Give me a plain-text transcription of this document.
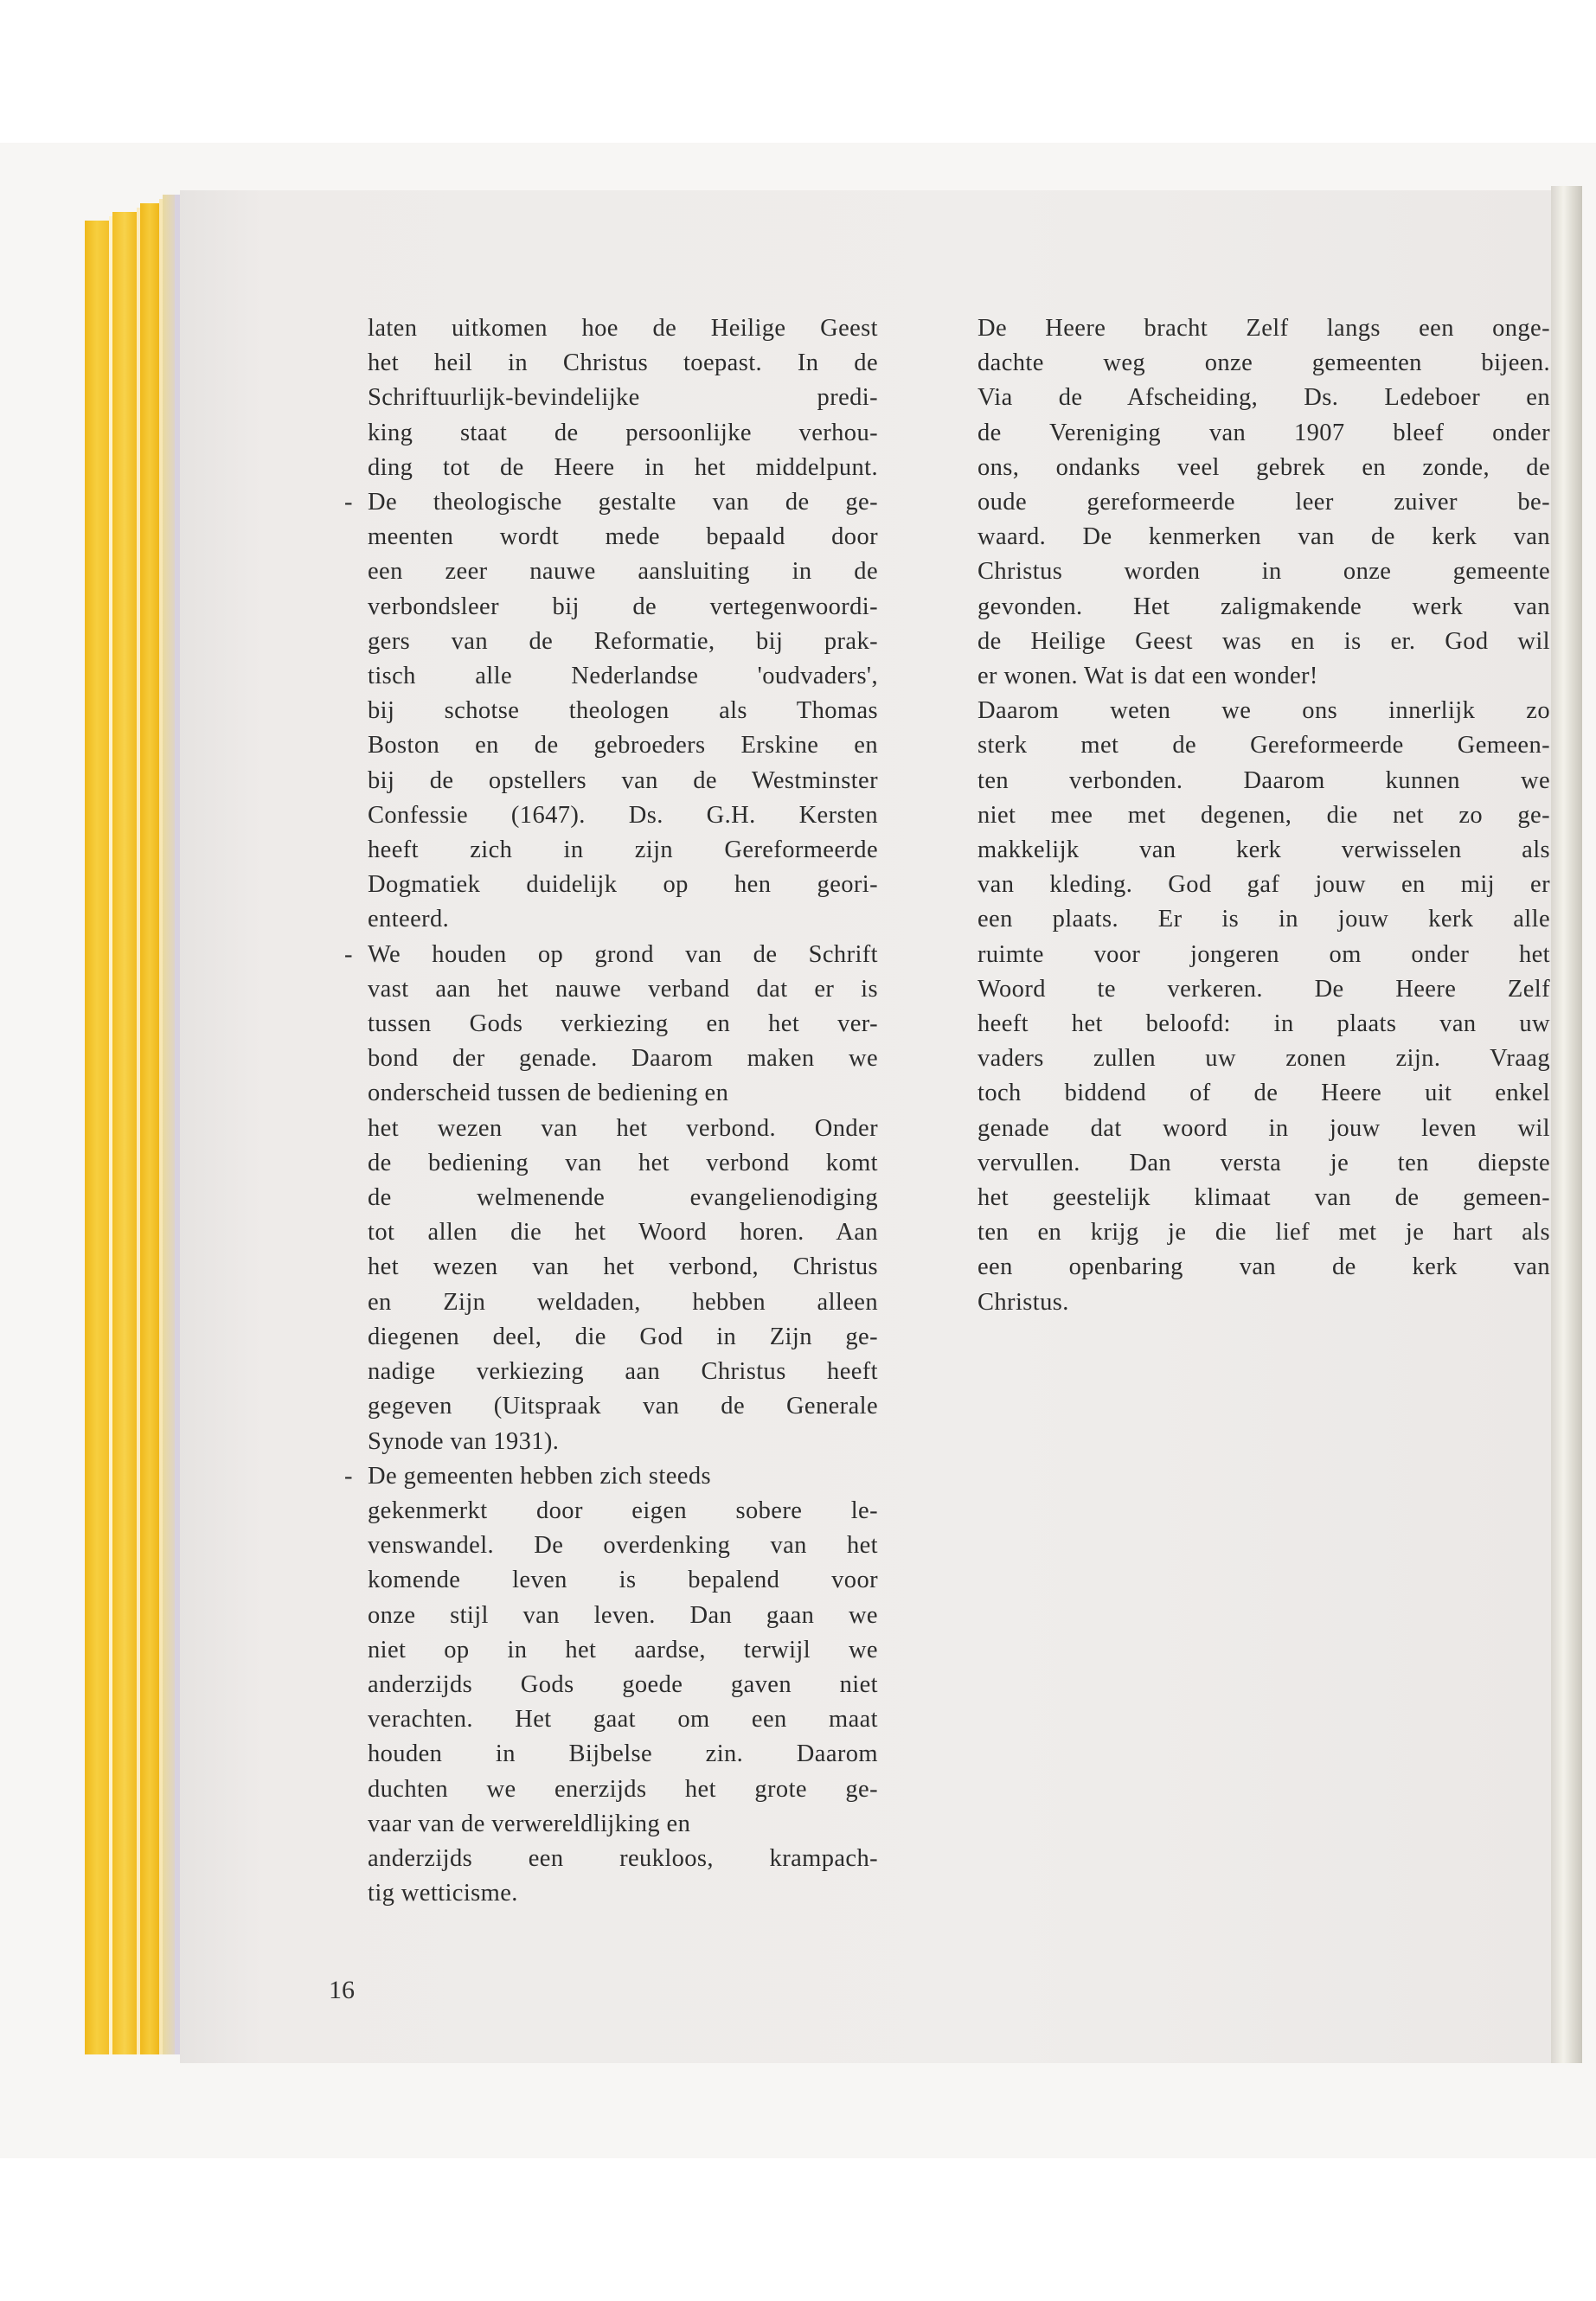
laten uitkomen hoe de Heilige Geest
het heil in Christus toepast. In de
Schriftuurlijk-bevindelijke predi-
king staat de persoonlijke verhou-
ding tot de Heere in het middelpunt.
- De theologische gestalte van de ge-
meenten wordt mede bepaald door
een zeer nauwe aansluiting in de
verbondsleer bij de vertegenwoordi-
gers van de Reformatie, bij prak-
tisch alle Nederlandse 'oudvaders',
bij schotse theologen als Thomas
Boston en de gebroeders Erskine en
bij de opstellers van de Westminster
Confessie (1647). Ds. G.H. Kersten
heeft zich in zijn Gereformeerde
Dogmatiek duidelijk op hen geori-
enteerd.
- We houden op grond van de Schrift
vast aan het nauwe verband dat er is
tussen Gods verkiezing en het ver-
bond der genade. Daarom maken we
onderscheid tussen de bediening en
het wezen van het verbond. Onder
de bediening van het verbond komt
de welmenende evangelienodiging
tot allen die het Woord horen. Aan
het wezen van het verbond, Christus
en Zijn weldaden, hebben alleen
diegenen deel, die God in Zijn ge-
nadige verkiezing aan Christus heeft
gegeven (Uitspraak van de Generale
Synode van 1931).
- De gemeenten hebben zich steeds
gekenmerkt door eigen sobere le-
venswandel. De overdenking van het
komende leven is bepalend voor
onze stijl van leven. Dan gaan we
niet op in het aardse, terwijl we
anderzijds Gods goede gaven niet
verachten. Het gaat om een maat
houden in Bijbelse zin. Daarom
duchten we enerzijds het grote ge-
vaar van de verwereldlijking en
anderzijds een reukloos, krampach-
tig wetticisme.
De Heere bracht Zelf langs een onge-
dachte weg onze gemeenten bijeen.
Via de Afscheiding, Ds. Ledeboer en
de Vereniging van 1907 bleef onder
ons, ondanks veel gebrek en zonde, de
oude gereformeerde leer zuiver be-
waard. De kenmerken van de kerk van
Christus worden in onze gemeente
gevonden. Het zaligmakende werk van
de Heilige Geest was en is er. God wil
er wonen. Wat is dat een wonder!
Daarom weten we ons innerlijk zo
sterk met de Gereformeerde Gemeen-
ten verbonden. Daarom kunnen we
niet mee met degenen, die net zo ge-
makkelijk van kerk verwisselen als
van kleding. God gaf jouw en mij er
een plaats. Er is in jouw kerk alle
ruimte voor jongeren om onder het
Woord te verkeren. De Heere Zelf
heeft het beloofd: in plaats van uw
vaders zullen uw zonen zijn. Vraag
toch biddend of de Heere uit enkel
genade dat woord in jouw leven wil
vervullen. Dan versta je ten diepste
het geestelijk klimaat van de gemeen-
ten en krijg je die lief met je hart als
een openbaring van de kerk van
Christus.
16
